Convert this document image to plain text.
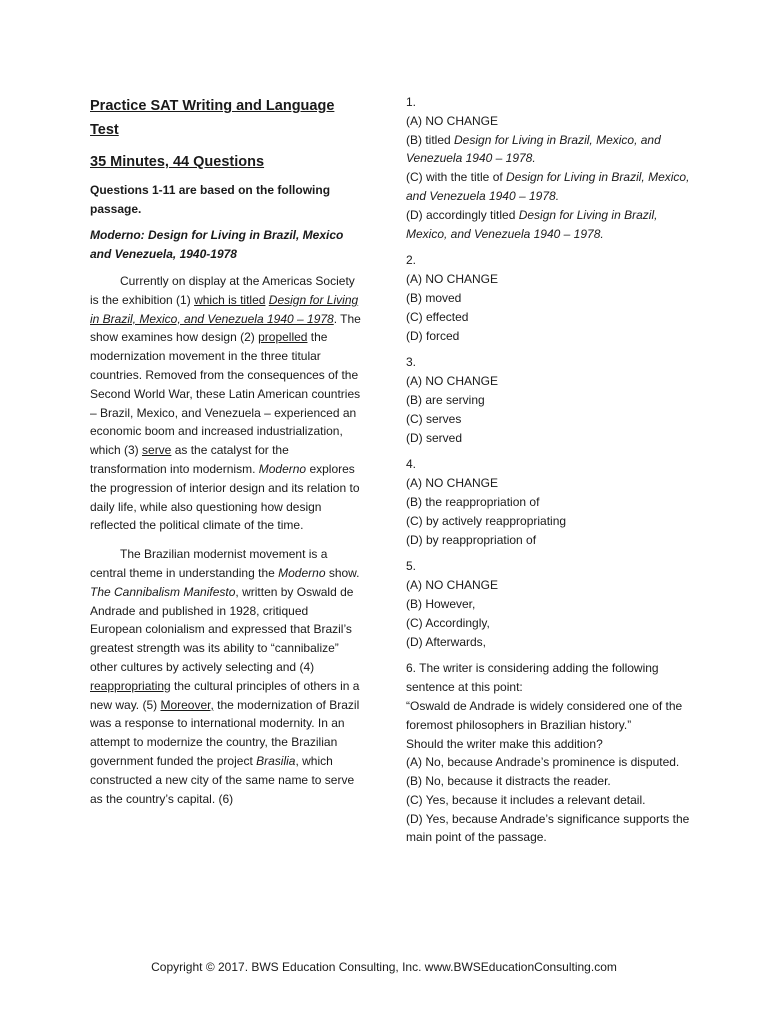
Practice SAT Writing and Language Test
35 Minutes, 44 Questions
Questions 1-11 are based on the following passage.
Moderno: Design for Living in Brazil, Mexico and Venezuela, 1940-1978

Currently on display at the Americas Society is the exhibition (1) which is titled Design for Living in Brazil, Mexico, and Venezuela 1940 – 1978. The show examines how design (2) propelled the modernization movement in the three titular countries. Removed from the consequences of the Second World War, these Latin American countries – Brazil, Mexico, and Venezuela – experienced an economic boom and increased industrialization, which (3) serve as the catalyst for the transformation into modernism. Moderno explores the progression of interior design and its relation to daily life, while also questioning how design reflected the political climate of the time.

The Brazilian modernist movement is a central theme in understanding the Moderno show. The Cannibalism Manifesto, written by Oswald de Andrade and published in 1928, critiqued European colonialism and expressed that Brazil’s greatest strength was its ability to “cannibalize” other cultures by actively selecting and (4) reappropriating the cultural principles of others in a new way. (5) Moreover, the modernization of Brazil was a response to international modernity. In an attempt to modernize the country, the Brazilian government funded the project Brasilia, which constructed a new city of the same name to serve as the country’s capital. (6)

1.
(A) NO CHANGE
(B) titled Design for Living in Brazil, Mexico, and Venezuela 1940 – 1978.
(C) with the title of Design for Living in Brazil, Mexico, and Venezuela 1940 – 1978.
(D) accordingly titled Design for Living in Brazil, Mexico, and Venezuela 1940 – 1978.
2.
(A) NO CHANGE
(B) moved
(C) effected
(D) forced
3.
(A) NO CHANGE
(B) are serving
(C) serves
(D) served
4.
(A) NO CHANGE
(B) the reappropriation of
(C) by actively reappropriating
(D) by reappropriation of
5.
(A) NO CHANGE
(B) However,
(C) Accordingly,
(D) Afterwards,
6. The writer is considering adding the following sentence at this point:
“Oswald de Andrade is widely considered one of the foremost philosophers in Brazilian history.”
Should the writer make this addition?
(A) No, because Andrade’s prominence is disputed.
(B) No, because it distracts the reader.
(C) Yes, because it includes a relevant detail.
(D) Yes, because Andrade’s significance supports the main point of the passage.
Copyright © 2017. BWS Education Consulting, Inc. www.BWSEducationConsulting.com
